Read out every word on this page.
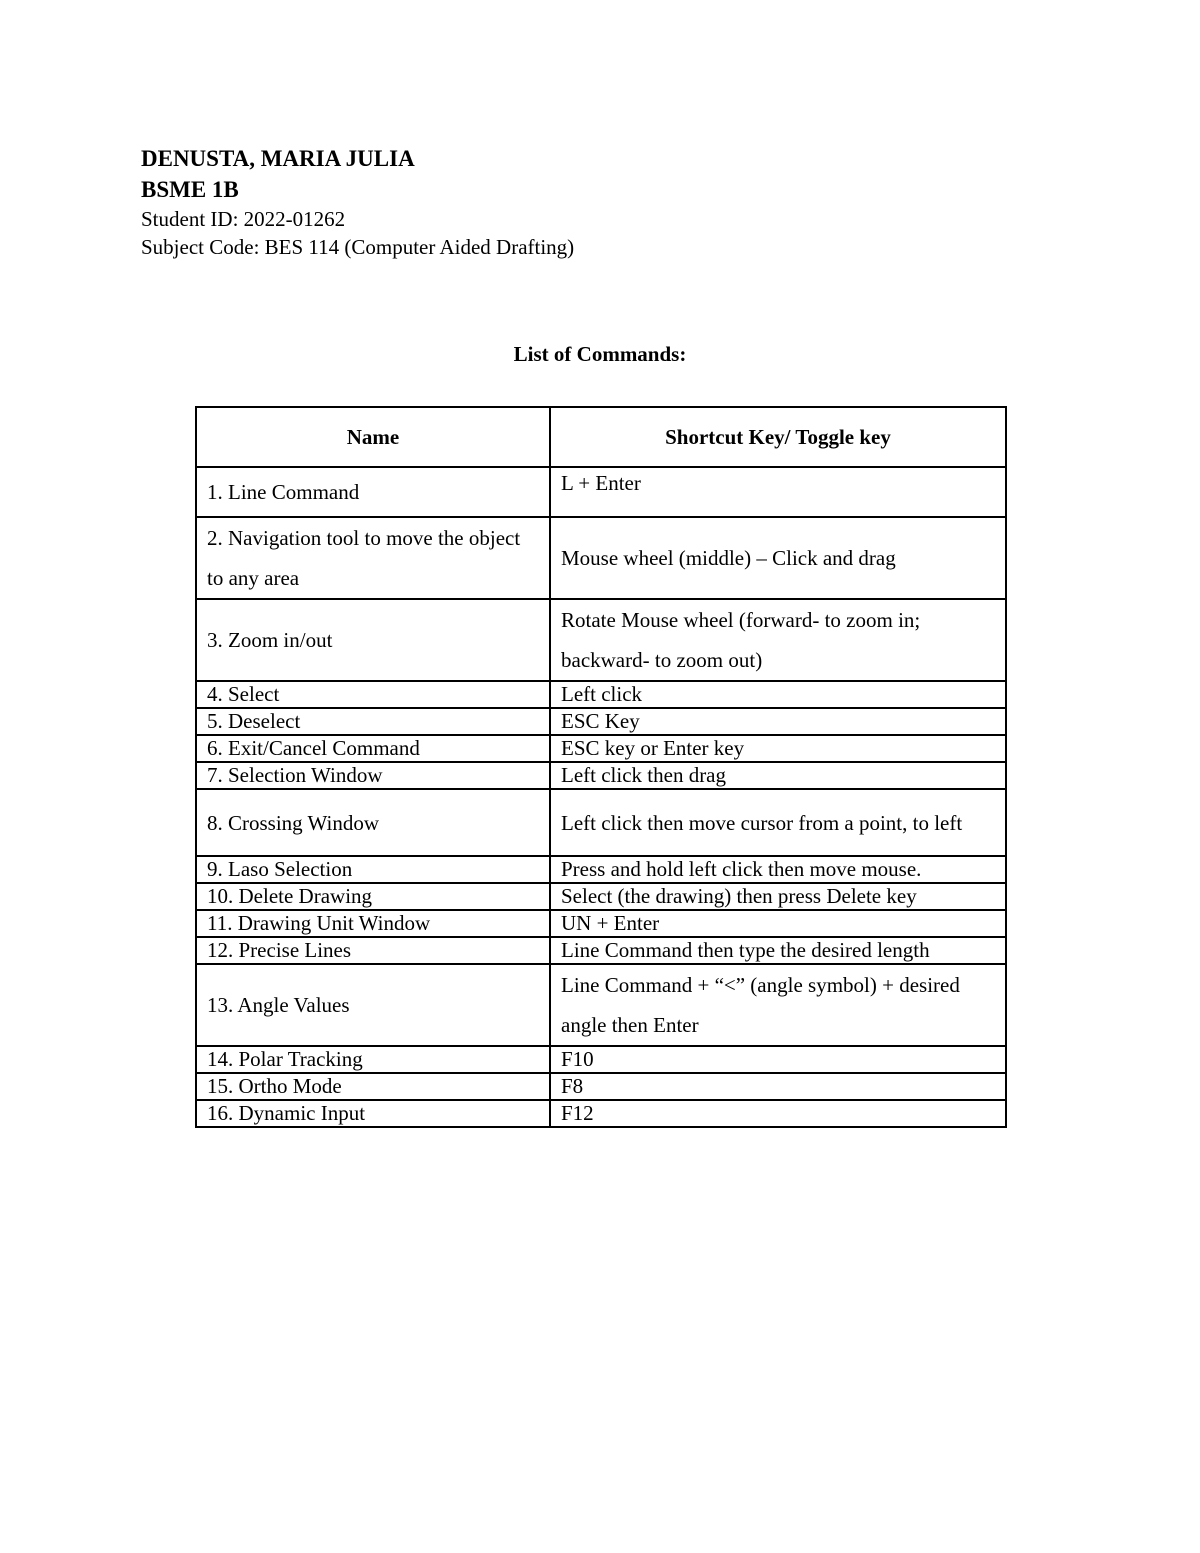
DENUSTA, MARIA JULIA
BSME 1B
Student ID: 2022-01262
Subject Code: BES 114 (Computer Aided Drafting)
List of Commands:
Name	Shortcut Key/ Toggle key
1. Line Command	L + Enter
2. Navigation tool to move the object to any area	Mouse wheel (middle) – Click and drag
3. Zoom in/out	Rotate Mouse wheel (forward- to zoom in; backward- to zoom out)
4. Select	Left click
5. Deselect	ESC Key
6. Exit/Cancel Command	ESC key or Enter key
7. Selection Window	Left click then drag
8. Crossing Window	Left click then move cursor from a point, to left
9. Laso Selection	Press and hold left click then move mouse.
10. Delete Drawing	Select (the drawing) then press Delete key
11. Drawing Unit Window	UN + Enter
12. Precise Lines	Line Command then type the desired length
13. Angle Values	Line Command + “<” (angle symbol) + desired angle then Enter
14. Polar Tracking	F10
15. Ortho Mode	F8
16. Dynamic Input	F12
